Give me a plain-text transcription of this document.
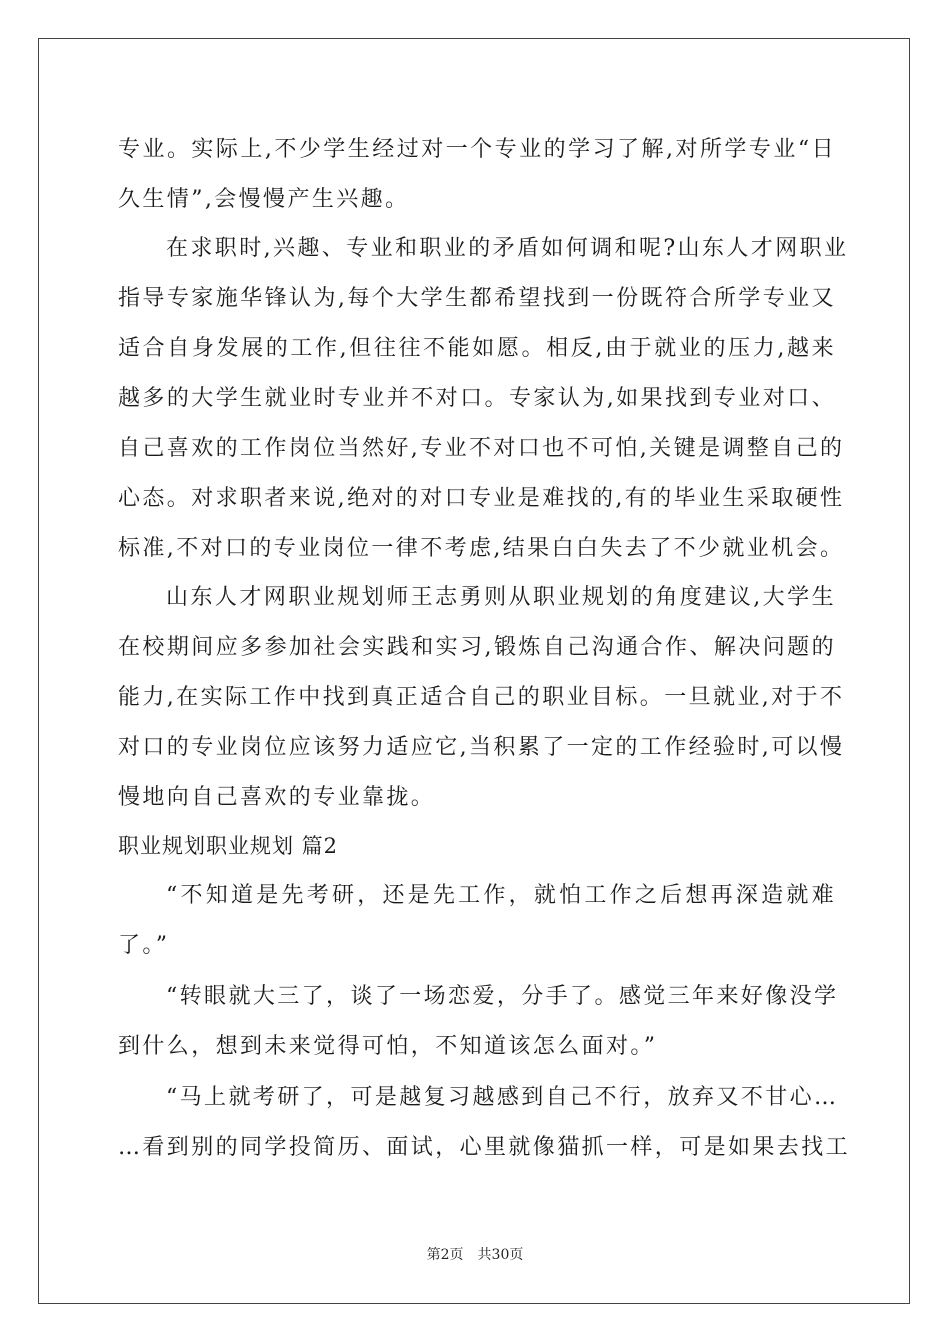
专业。实际上,不少学生经过对一个专业的学习了解,对所学专业“日
久生情”,会慢慢产生兴趣。
在求职时,兴趣、专业和职业的矛盾如何调和呢?山东人才网职业
指导专家施华锋认为,每个大学生都希望找到一份既符合所学专业又
适合自身发展的工作,但往往不能如愿。相反,由于就业的压力,越来
越多的大学生就业时专业并不对口。专家认为,如果找到专业对口、
自己喜欢的工作岗位当然好,专业不对口也不可怕,关键是调整自己的
心态。对求职者来说,绝对的对口专业是难找的,有的毕业生采取硬性
标准,不对口的专业岗位一律不考虑,结果白白失去了不少就业机会。
山东人才网职业规划师王志勇则从职业规划的角度建议,大学生
在校期间应多参加社会实践和实习,锻炼自己沟通合作、解决问题的
能力,在实际工作中找到真正适合自己的职业目标。一旦就业,对于不
对口的专业岗位应该努力适应它,当积累了一定的工作经验时,可以慢
慢地向自己喜欢的专业靠拢。
职业规划职业规划 篇2
“不知道是先考研，还是先工作，就怕工作之后想再深造就难
了。”
“转眼就大三了，谈了一场恋爱，分手了。感觉三年来好像没学
到什么，想到未来觉得可怕，不知道该怎么面对。”
“马上就考研了，可是越复习越感到自己不行，放弃又不甘心…
…看到别的同学投简历、面试，心里就像猫抓一样，可是如果去找工
第2页　共30页
